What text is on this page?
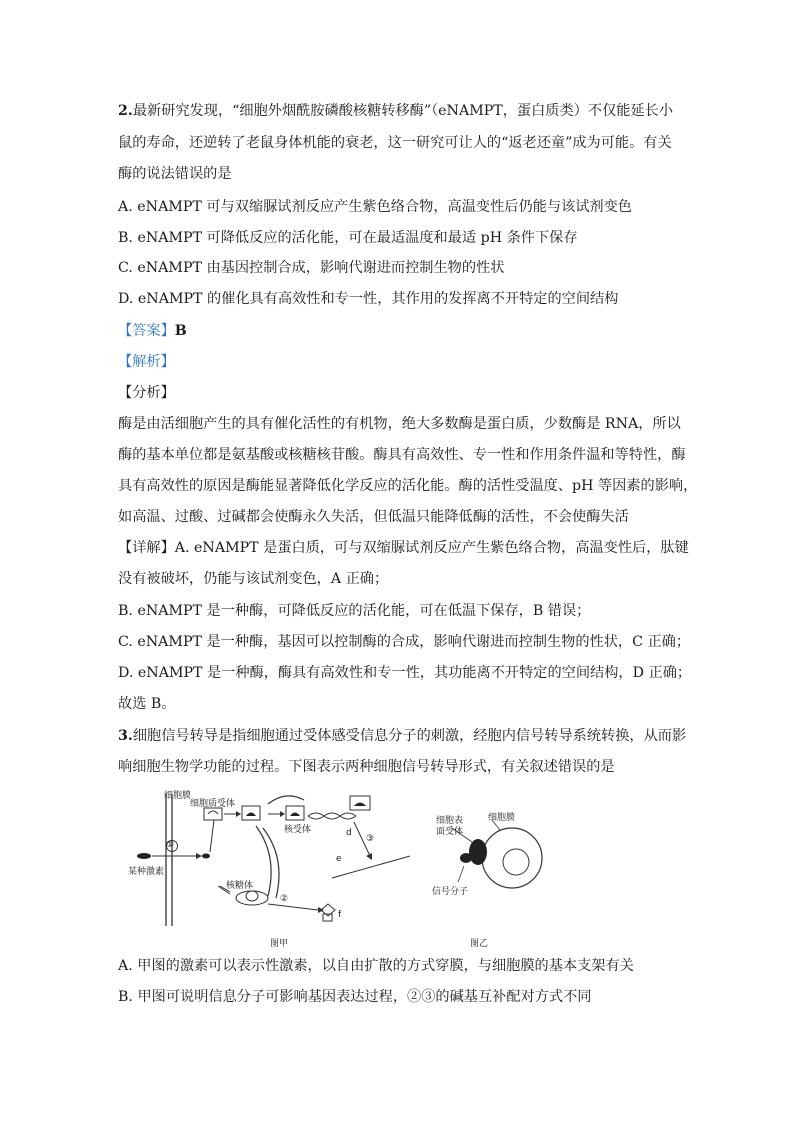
2.最新研究发现，“细胞外烟酰胺磷酸核糖转移酶”（eNAMPT，蛋白质类）不仅能延长小
鼠的寿命，还逆转了老鼠身体机能的衰老，这一研究可让人的“返老还童”成为可能。有关
酶的说法错误的是
A. eNAMPT 可与双缩脲试剂反应产生紫色络合物，高温变性后仍能与该试剂变色
B. eNAMPT 可降低反应的活化能，可在最适温度和最适 pH 条件下保存
C. eNAMPT 由基因控制合成，影响代谢进而控制生物的性状
D. eNAMPT 的催化具有高效性和专一性，其作用的发挥离不开特定的空间结构
【答案】B
【解析】
【分析】
酶是由活细胞产生的具有催化活性的有机物，绝大多数酶是蛋白质，少数酶是 RNA，所以
酶的基本单位都是氨基酸或核糖核苷酸。酶具有高效性、专一性和作用条件温和等特性，酶
具有高效性的原因是酶能显著降低化学反应的活化能。酶的活性受温度、pH 等因素的影响，
如高温、过酸、过碱都会使酶永久失活，但低温只能降低酶的活性，不会使酶失活
【详解】A. eNAMPT 是蛋白质，可与双缩脲试剂反应产生紫色络合物，高温变性后，肽键
没有被破坏，仍能与该试剂变色，A 正确；
B. eNAMPT 是一种酶，可降低反应的活化能，可在低温下保存，B 错误；
C. eNAMPT 是一种酶，基因可以控制酶的合成，影响代谢进而控制生物的性状，C 正确；
D. eNAMPT 是一种酶，酶具有高效性和专一性，其功能离不开特定的空间结构，D 正确；
故选 B。
3.细胞信号转导是指细胞通过受体感受信息分子的刺激，经胞内信号转导系统转换，从而影
响细胞生物学功能的过程。下图表示两种细胞信号转导形式，有关叙述错误的是
细胞膜
细胞质受体
核受体
某种激素
核糖体
①
②
③
d
e
f
图甲
细胞表
面受体
细胞膜
信号分子
图乙
A. 甲图的激素可以表示性激素，以自由扩散的方式穿膜，与细胞膜的基本支架有关
B. 甲图可说明信息分子可影响基因表达过程，②③的碱基互补配对方式不同
